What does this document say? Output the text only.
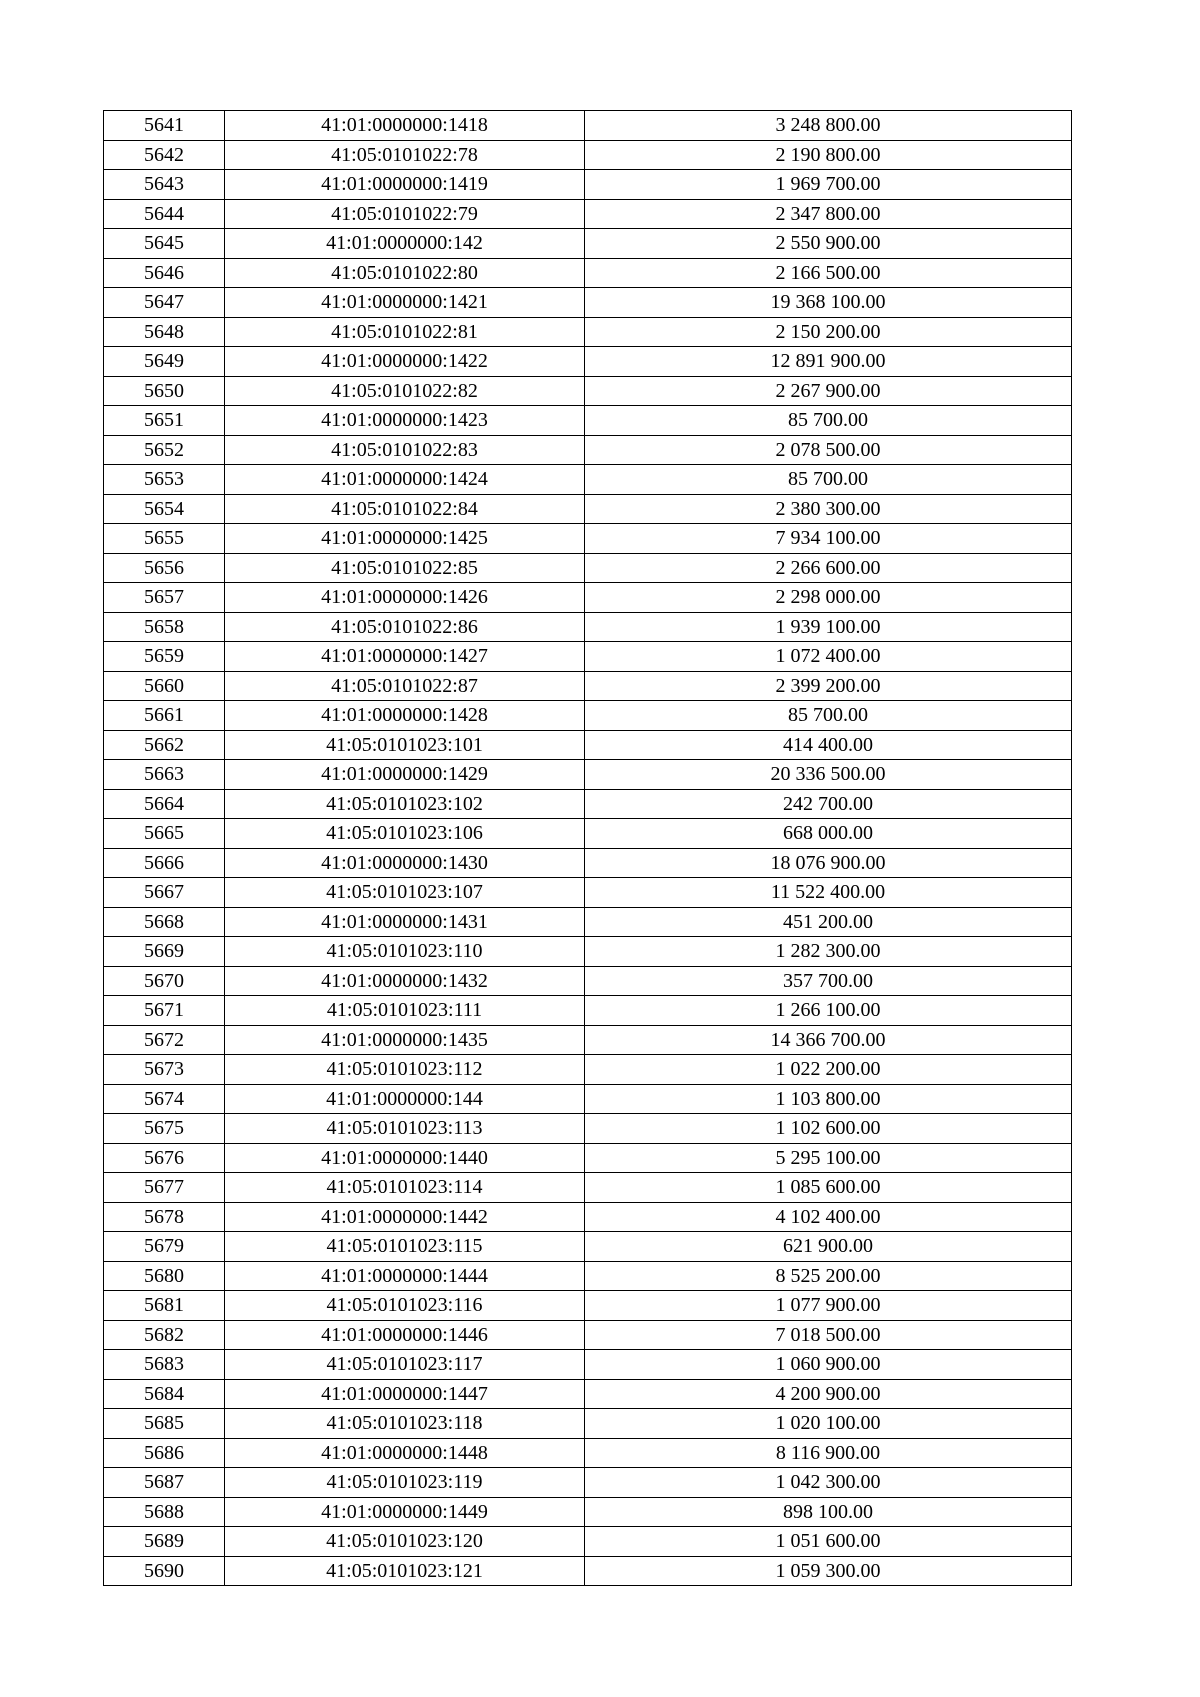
5641	41:01:0000000:1418	3 248 800.00
5642	41:05:0101022:78	2 190 800.00
5643	41:01:0000000:1419	1 969 700.00
5644	41:05:0101022:79	2 347 800.00
5645	41:01:0000000:142	2 550 900.00
5646	41:05:0101022:80	2 166 500.00
5647	41:01:0000000:1421	19 368 100.00
5648	41:05:0101022:81	2 150 200.00
5649	41:01:0000000:1422	12 891 900.00
5650	41:05:0101022:82	2 267 900.00
5651	41:01:0000000:1423	85 700.00
5652	41:05:0101022:83	2 078 500.00
5653	41:01:0000000:1424	85 700.00
5654	41:05:0101022:84	2 380 300.00
5655	41:01:0000000:1425	7 934 100.00
5656	41:05:0101022:85	2 266 600.00
5657	41:01:0000000:1426	2 298 000.00
5658	41:05:0101022:86	1 939 100.00
5659	41:01:0000000:1427	1 072 400.00
5660	41:05:0101022:87	2 399 200.00
5661	41:01:0000000:1428	85 700.00
5662	41:05:0101023:101	414 400.00
5663	41:01:0000000:1429	20 336 500.00
5664	41:05:0101023:102	242 700.00
5665	41:05:0101023:106	668 000.00
5666	41:01:0000000:1430	18 076 900.00
5667	41:05:0101023:107	11 522 400.00
5668	41:01:0000000:1431	451 200.00
5669	41:05:0101023:110	1 282 300.00
5670	41:01:0000000:1432	357 700.00
5671	41:05:0101023:111	1 266 100.00
5672	41:01:0000000:1435	14 366 700.00
5673	41:05:0101023:112	1 022 200.00
5674	41:01:0000000:144	1 103 800.00
5675	41:05:0101023:113	1 102 600.00
5676	41:01:0000000:1440	5 295 100.00
5677	41:05:0101023:114	1 085 600.00
5678	41:01:0000000:1442	4 102 400.00
5679	41:05:0101023:115	621 900.00
5680	41:01:0000000:1444	8 525 200.00
5681	41:05:0101023:116	1 077 900.00
5682	41:01:0000000:1446	7 018 500.00
5683	41:05:0101023:117	1 060 900.00
5684	41:01:0000000:1447	4 200 900.00
5685	41:05:0101023:118	1 020 100.00
5686	41:01:0000000:1448	8 116 900.00
5687	41:05:0101023:119	1 042 300.00
5688	41:01:0000000:1449	898 100.00
5689	41:05:0101023:120	1 051 600.00
5690	41:05:0101023:121	1 059 300.00
